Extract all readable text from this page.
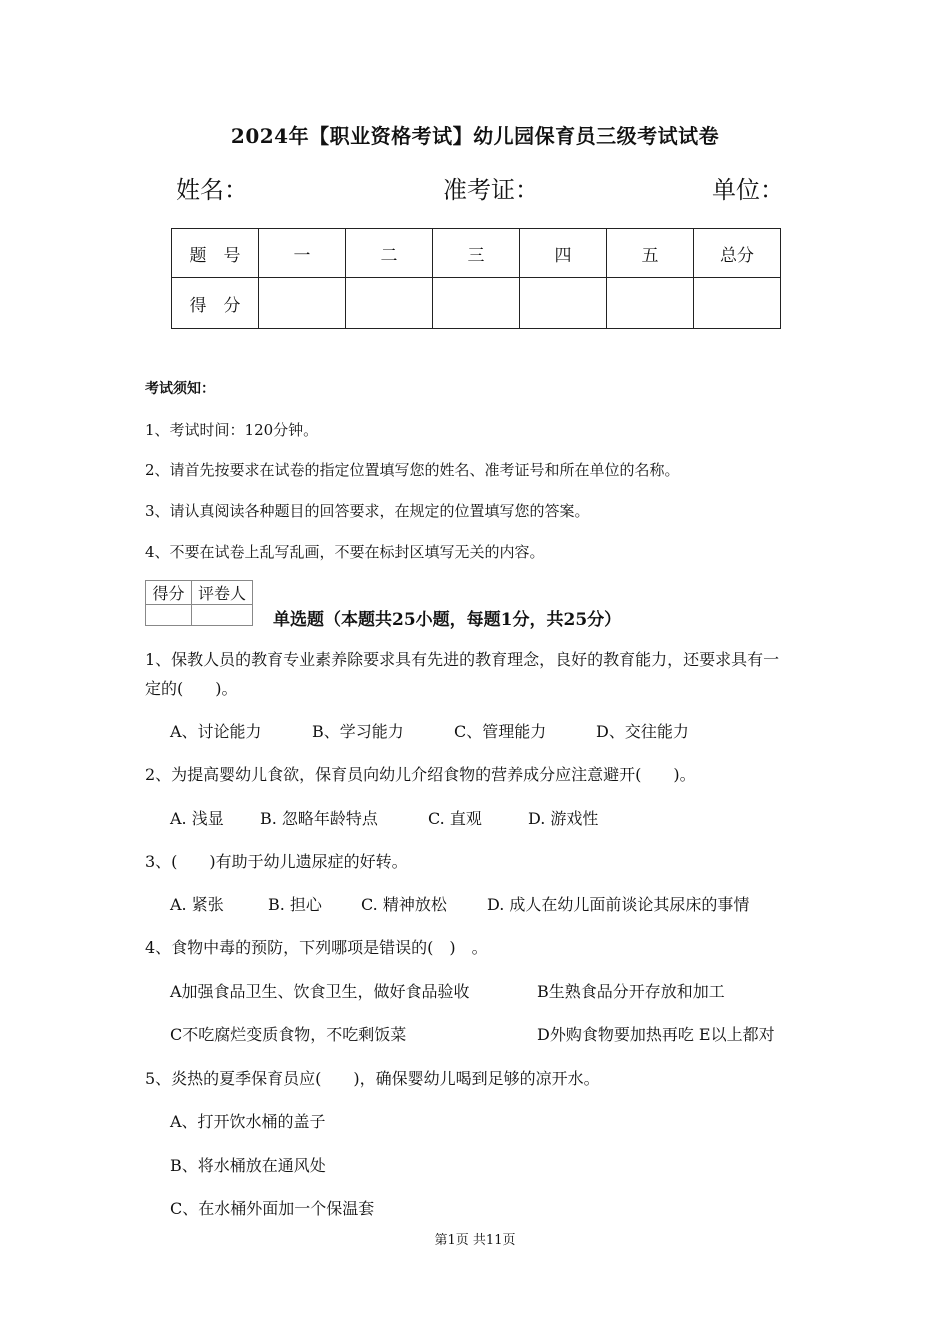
2024年【职业资格考试】幼儿园保育员三级考试试卷
姓名：	准考证：	单位：
题　号	一	二	三	四	五	总分
得　分						
考试须知：
1、考试时间：120分钟。
2、请首先按要求在试卷的指定位置填写您的姓名、准考证号和所在单位的名称。
3、请认真阅读各种题目的回答要求，在规定的位置填写您的答案。
4、不要在试卷上乱写乱画，不要在标封区填写无关的内容。
得分	评卷人

单选题（本题共25小题，每题1分，共25分）
1、保教人员的教育专业素养除要求具有先进的教育理念，良好的教育能力，还要求具有一
定的(　　)。
A、讨论能力	B、学习能力	C、管理能力	D、交往能力
2、为提高婴幼儿食欲，保育员向幼儿介绍食物的营养成分应注意避开(　　)。
A. 浅显 B. 忽略年龄特点	C. 直观	D. 游戏性
3、(　　)有助于幼儿遗尿症的好转。
A. 紧张	B. 担心 C. 精神放松	D. 成人在幼儿面前谈论其尿床的事情
4、食物中毒的预防，下列哪项是错误的(　)　。
A加强食品卫生、饮食卫生，做好食品验收	B生熟食品分开存放和加工
C不吃腐烂变质食物，不吃剩饭菜	D外购食物要加热再吃 E以上都对
5、炎热的夏季保育员应(　　)，确保婴幼儿喝到足够的凉开水。
A、打开饮水桶的盖子
B、将水桶放在通风处
C、在水桶外面加一个保温套
第1页 共11页
